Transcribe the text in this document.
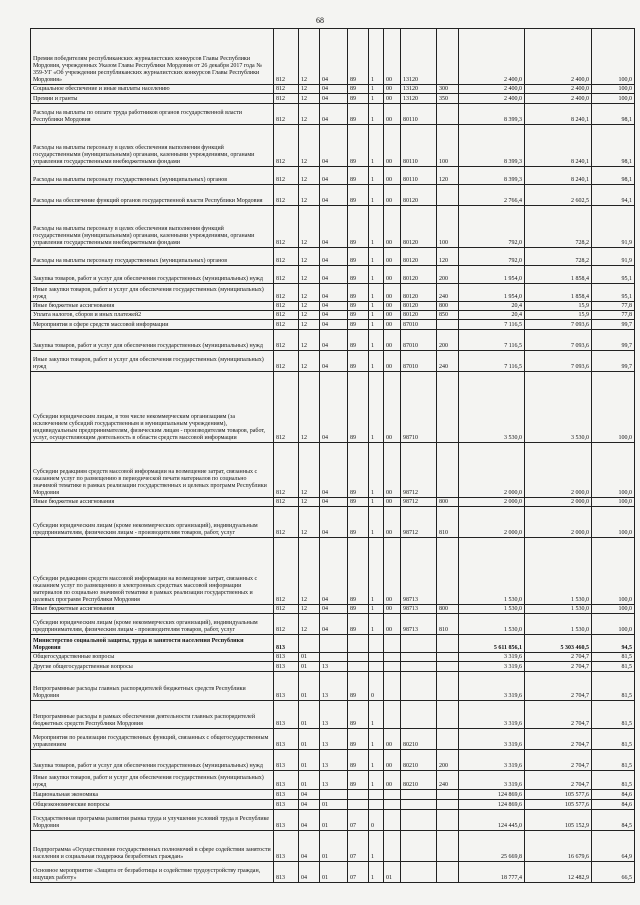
68
Премия победителям республиканских журналистских конкурсов Главы Республики Мордовия, учрежденных Указом Главы Республики Мордовия от 26 декабря 2017 года № 359-УГ «Об учреждении республиканских журналистских конкурсов Главы Республики Мордовия»	812	12	04	89	1	00	13120		2 400,0	2 400,0	100,0
Социальное обеспечение и иные выплаты населению	812	12	04	89	1	00	13120	300	2 400,0	2 400,0	100,0
Премии и гранты	812	12	04	89	1	00	13120	350	2 400,0	2 400,0	100,0
Расходы на выплаты по оплате труда работников органов государственной власти Республики Мордовия	812	12	04	89	1	00	80110		8 399,3	8 240,1	98,1
Расходы на выплаты персоналу в целях обеспечения выполнения функций государственными (муниципальными) органами, казенными учреждениями, органами управления государственными внебюджетными фондами	812	12	04	89	1	00	80110	100	8 399,3	8 240,1	98,1
Расходы на выплаты персоналу государственных (муниципальных) органов	812	12	04	89	1	00	80110	120	8 399,3	8 240,1	98,1
Расходы на обеспечение функций органов государственной власти Республики Мордовия	812	12	04	89	1	00	80120		2 766,4	2 602,5	94,1
Расходы на выплаты персоналу в целях обеспечения выполнения функций государственными (муниципальными) органами, казенными учреждениями, органами управления государственными внебюджетными фондами	812	12	04	89	1	00	80120	100	792,0	728,2	91,9
Расходы на выплаты персоналу государственных (муниципальных) органов	812	12	04	89	1	00	80120	120	792,0	728,2	91,9
Закупка товаров, работ и услуг для обеспечения государственных (муниципальных) нужд	812	12	04	89	1	00	80120	200	1 954,0	1 858,4	95,1
Иные закупки товаров, работ и услуг для обеспечения государственных (муниципальных) нужд	812	12	04	89	1	00	80120	240	1 954,0	1 858,4	95,1
Иные бюджетные ассигнования	812	12	04	89	1	00	80120	800	20,4	15,9	77,8
Уплата налогов, сборов и иных платежей2	812	12	04	89	1	00	80120	850	20,4	15,9	77,8
Мероприятия в сфере средств массовой информации	812	12	04	89	1	00	87010		7 116,5	7 093,6	99,7
Закупка товаров, работ и услуг для обеспечения государственных (муниципальных) нужд	812	12	04	89	1	00	87010	200	7 116,5	7 093,6	99,7
Иные закупки товаров, работ и услуг для обеспечения государственных (муниципальных) нужд	812	12	04	89	1	00	87010	240	7 116,5	7 093,6	99,7
Субсидии юридическим лицам, в том числе некоммерческим организациям (за исключением субсидий государственным и муниципальным учреждениям), индивидуальным предпринимателям, физическим лицам - производителям товаров, работ, услуг, осуществляющим деятельность в области средств массовой информации	812	12	04	89	1	00	98710		3 530,0	3 530,0	100,0
Субсидии редакциям средств массовой информации на возмещение затрат, связанных с оказанием услуг по размещению в периодической печати материалов по социально значимой тематике в рамках реализации государственных и целевых программ Республики Мордовия	812	12	04	89	1	00	98712		2 000,0	2 000,0	100,0
Иные бюджетные ассигнования	812	12	04	89	1	00	98712	800	2 000,0	2 000,0	100,0
Субсидии юридическим лицам (кроме некоммерческих организаций), индивидуальным предпринимателям, физическим лицам - производителям товаров, работ, услуг	812	12	04	89	1	00	98712	810	2 000,0	2 000,0	100,0
Субсидии редакциям средств массовой информации на возмещение затрат, связанных с оказанием услуг по размещению в электронных средствах массовой информации материалов по социально значимой тематике в рамках реализации государственных и целевых программ Республики Мордовия	812	12	04	89	1	00	98713		1 530,0	1 530,0	100,0
Иные бюджетные ассигнования	812	12	04	89	1	00	98713	800	1 530,0	1 530,0	100,0
Субсидии юридическим лицам (кроме некоммерческих организаций), индивидуальным предпринимателям, физическим лицам - производителям товаров, работ, услуг	812	12	04	89	1	00	98713	810	1 530,0	1 530,0	100,0
Министерство социальной защиты, труда и занятости населения Республики Мордовия	813								5 611 856,1	5 303 460,5	94,5
Общегосударственные вопросы	813	01							3 319,6	2 704,7	81,5
Другие общегосударственные вопросы	813	01	13						3 319,6	2 704,7	81,5
Непрограммные расходы главных распорядителей бюджетных средств Республики Мордовия	813	01	13	89	0				3 319,6	2 704,7	81,5
Непрограммные расходы в рамках обеспечения деятельности главных распорядителей бюджетных средств Республики Мордовия	813	01	13	89	1				3 319,6	2 704,7	81,5
Мероприятия по реализации государственных функций, связанных с общегосударственным управлением	813	01	13	89	1	00	80210		3 319,6	2 704,7	81,5
Закупка товаров, работ и услуг для обеспечения государственных (муниципальных) нужд	813	01	13	89	1	00	80210	200	3 319,6	2 704,7	81,5
Иные закупки товаров, работ и услуг для обеспечения государственных (муниципальных) нужд	813	01	13	89	1	00	80210	240	3 319,6	2 704,7	81,5
Национальная экономика	813	04							124 869,6	105 577,6	84,6
Общеэкономические вопросы	813	04	01						124 869,6	105 577,6	84,6
Государственная программа развития рынка труда и улучшения условий труда в Республике Мордовия	813	04	01	07	0				124 445,0	105 152,9	84,5
Подпрограмма «Осуществление государственных полномочий в сфере содействия занятости населения и социальная поддержка безработных граждан»	813	04	01	07	1				25 669,8	16 679,6	64,9
Основное мероприятие «Защита от безработицы и содействие трудоустройству граждан, ищущих работу»	813	04	01	07	1	01			18 777,4	12 482,9	66,5
